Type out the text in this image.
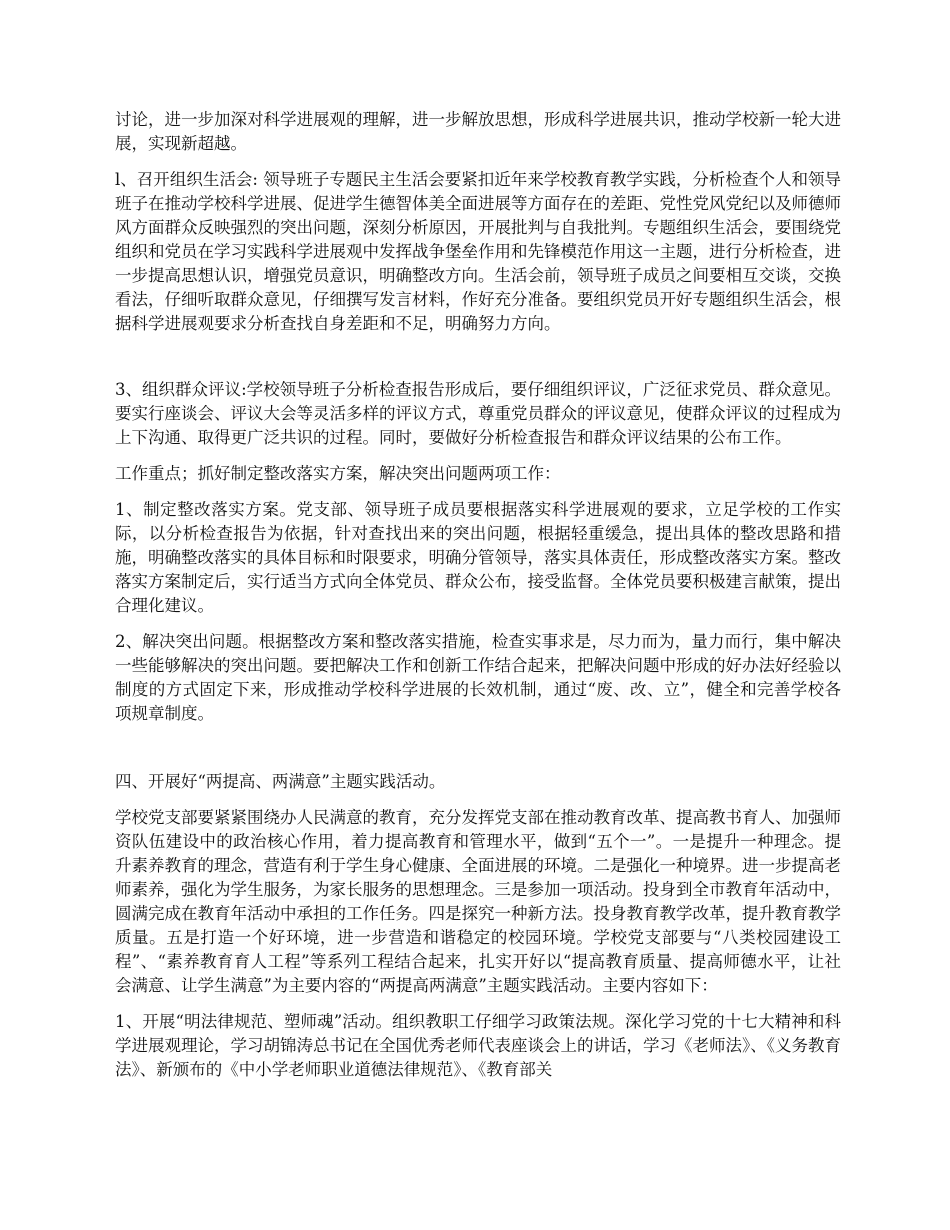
讨论，进一步加深对科学进展观的理解，进一步解放思想，形成科学进展共识，推动学校新一轮大进展，实现新超越。

l、召开组织生活会: 领导班子专题民主生活会要紧扣近年来学校教育教学实践，分析检查个人和领导班子在推动学校科学进展、促进学生德智体美全面进展等方面存在的差距、党性党风党纪以及师德师风方面群众反映强烈的突出问题，深刻分析原因，开展批判与自我批判。专题组织生活会，要围绕党组织和党员在学习实践科学进展观中发挥战争堡垒作用和先锋模范作用这一主题，进行分析检查，进一步提高思想认识，增强党员意识，明确整改方向。生活会前，领导班子成员之间要相互交谈，交换看法，仔细听取群众意见，仔细撰写发言材料，作好充分准备。要组织党员开好专题组织生活会，根据科学进展观要求分析查找自身差距和不足，明确努力方向。

3、组织群众评议:学校领导班子分析检查报告形成后，要仔细组织评议，广泛征求党员、群众意见。要实行座谈会、评议大会等灵活多样的评议方式，尊重党员群众的评议意见，使群众评议的过程成为上下沟通、取得更广泛共识的过程。同时，要做好分析检查报告和群众评议结果的公布工作。

工作重点；抓好制定整改落实方案，解决突出问题两项工作：

1、制定整改落实方案。党支部、领导班子成员要根据落实科学进展观的要求，立足学校的工作实际，以分析检查报告为依据，针对查找出来的突出问题，根据轻重缓急，提出具体的整改思路和措施，明确整改落实的具体目标和时限要求，明确分管领导，落实具体责任，形成整改落实方案。整改落实方案制定后，实行适当方式向全体党员、群众公布，接受监督。全体党员要积极建言献策，提出合理化建议。

2、解决突出问题。根据整改方案和整改落实措施，检查实事求是，尽力而为，量力而行，集中解决一些能够解决的突出问题。要把解决工作和创新工作结合起来，把解决问题中形成的好办法好经验以制度的方式固定下来，形成推动学校科学进展的长效机制，通过“废、改、立”，健全和完善学校各项规章制度。

四、开展好“两提高、两满意”主题实践活动。

学校党支部要紧紧围绕办人民满意的教育，充分发挥党支部在推动教育改革、提高教书育人、加强师资队伍建设中的政治核心作用，着力提高教育和管理水平，做到“五个一”。一是提升一种理念。提升素养教育的理念，营造有利于学生身心健康、全面进展的环境。二是强化一种境界。进一步提高老师素养，强化为学生服务，为家长服务的思想理念。三是参加一项活动。投身到全市教育年活动中，圆满完成在教育年活动中承担的工作任务。四是探究一种新方法。投身教育教学改革，提升教育教学质量。五是打造一个好环境，进一步营造和谐稳定的校园环境。学校党支部要与“八类校园建设工程”、“素养教育育人工程”等系列工程结合起来，扎实开好以“提高教育质量、提高师德水平，让社会满意、让学生满意”为主要内容的“两提高两满意”主题实践活动。主要内容如下：

1、开展“明法律规范、塑师魂”活动。组织教职工仔细学习政策法规。深化学习党的十七大精神和科学进展观理论，学习胡锦涛总书记在全国优秀老师代表座谈会上的讲话，学习《老师法》、《义务教育法》、新颁布的《中小学老师职业道德法律规范》、《教育部关
